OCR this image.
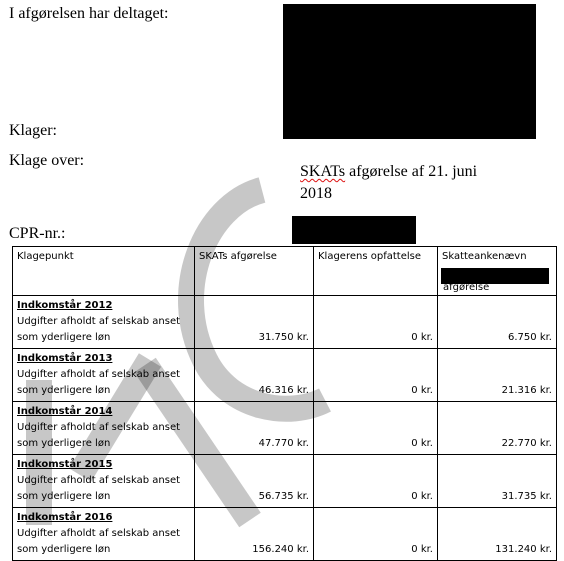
I afgørelsen har deltaget:
Klager:
Klage over:
SKATs afgørelse af 21. juni
2018
CPR-nr.:
Klagepunkt	SKATs afgørelse	Klagerens opfattelse	Skatteankenævn
afgørelse

Indkomstår 2012
Udgifter afholdt af selskab anset som yderligere løn	31.750 kr.	0 kr.	6.750 kr.

Indkomstår 2013
Udgifter afholdt af selskab anset som yderligere løn	46.316 kr.	0 kr.	21.316 kr.

Indkomstår 2014
Udgifter afholdt af selskab anset som yderligere løn	47.770 kr.	0 kr.	22.770 kr.

Indkomstår 2015
Udgifter afholdt af selskab anset som yderligere løn	56.735 kr.	0 kr.	31.735 kr.

Indkomstår 2016
Udgifter afholdt af selskab anset som yderligere løn	156.240 kr.	0 kr.	131.240 kr.
